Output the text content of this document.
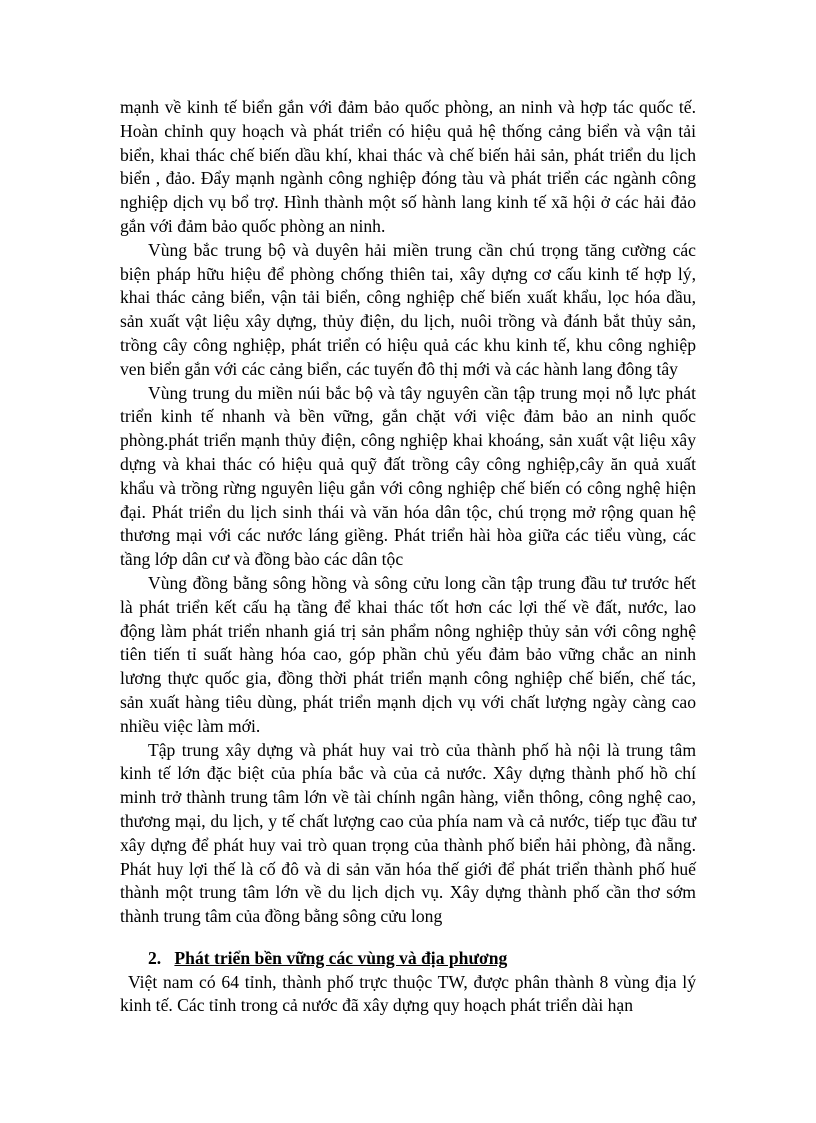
mạnh về kinh tế biển gắn với đảm bảo quốc phòng, an ninh và hợp tác quốc tế. Hoàn chỉnh quy hoạch và phát triển có hiệu quả hệ thống cảng biển và vận tải biển, khai thác chế biến dầu khí, khai thác và chế biến hải sản, phát triển du lịch biển , đảo. Đẩy mạnh ngành công nghiệp đóng tàu và phát triển các ngành công nghiệp dịch vụ bổ trợ. Hình thành một số hành lang kinh tế xã hội ở các hải đảo gắn với đảm bảo quốc phòng an ninh.

Vùng bắc trung bộ và duyên hải miền trung cần chú trọng tăng cường các biện pháp hữu hiệu để phòng chống thiên tai, xây dựng cơ cấu kinh tế hợp lý, khai thác cảng biển, vận tải biển, công nghiệp chế biến xuất khẩu, lọc hóa dầu, sản xuất vật liệu xây dựng, thủy điện, du lịch, nuôi trồng và đánh bắt thủy sản, trồng cây công nghiệp, phát triển có hiệu quả các khu kinh tế, khu công nghiệp ven biển gắn với các cảng biển, các tuyến đô thị mới và các hành lang đông tây

Vùng trung du miền núi bắc bộ và tây nguyên cần tập trung mọi nỗ lực phát triển kinh tế nhanh và bền vững, gắn chặt với việc đảm bảo an ninh quốc phòng.phát triển mạnh thủy điện, công nghiệp khai khoáng, sản xuất vật liệu xây dựng và khai thác có hiệu quả quỹ đất trồng cây công nghiệp,cây ăn quả xuất khẩu và trồng rừng nguyên liệu gắn với công nghiệp chế biến có công nghệ hiện đại. Phát triển du lịch sinh thái và văn hóa dân tộc, chú trọng mở rộng quan hệ thương mại với các nước láng giềng. Phát triển hài hòa giữa các tiểu vùng, các tầng lớp dân cư và đồng bào các dân tộc

Vùng đồng bằng sông hồng và sông cửu long cần tập trung đầu tư trước hết là phát triển kết cấu hạ tầng để khai thác tốt hơn các lợi thế về đất, nước, lao động làm phát triển nhanh giá trị sản phẩm nông nghiệp thủy sản với công nghệ tiên tiến tỉ suất hàng hóa cao, góp phần chủ yếu đảm bảo vững chắc an ninh lương thực quốc gia, đồng thời phát triển mạnh công nghiệp chế biến, chế tác, sản xuất hàng tiêu dùng, phát triển mạnh dịch vụ với chất lượng ngày càng cao nhiều việc làm mới.

Tập trung xây dựng và phát huy vai trò của thành phố hà nội là trung tâm kinh tế lớn đặc biệt của phía bắc và của cả nước. Xây dựng thành phố hồ chí minh trở thành trung tâm lớn về tài chính ngân hàng, viễn thông, công nghệ cao, thương mại, du lịch, y tế chất lượng cao của phía nam và cả nước, tiếp tục đầu tư xây dựng để phát huy vai trò quan trọng của thành phố biển hải phòng, đà nẵng. Phát huy lợi thế là cố đô và di sản văn hóa thế giới để phát triển thành phố huế thành một trung tâm lớn về du lịch dịch vụ. Xây dựng thành phố cần thơ sớm thành trung tâm của đồng bằng sông cửu long

2. Phát triển bền vững các vùng và địa phương

Việt nam có 64 tỉnh, thành phố trực thuộc TW, được phân thành 8 vùng địa lý kinh tế. Các tỉnh trong cả nước đã xây dựng quy hoạch phát triển dài hạn
